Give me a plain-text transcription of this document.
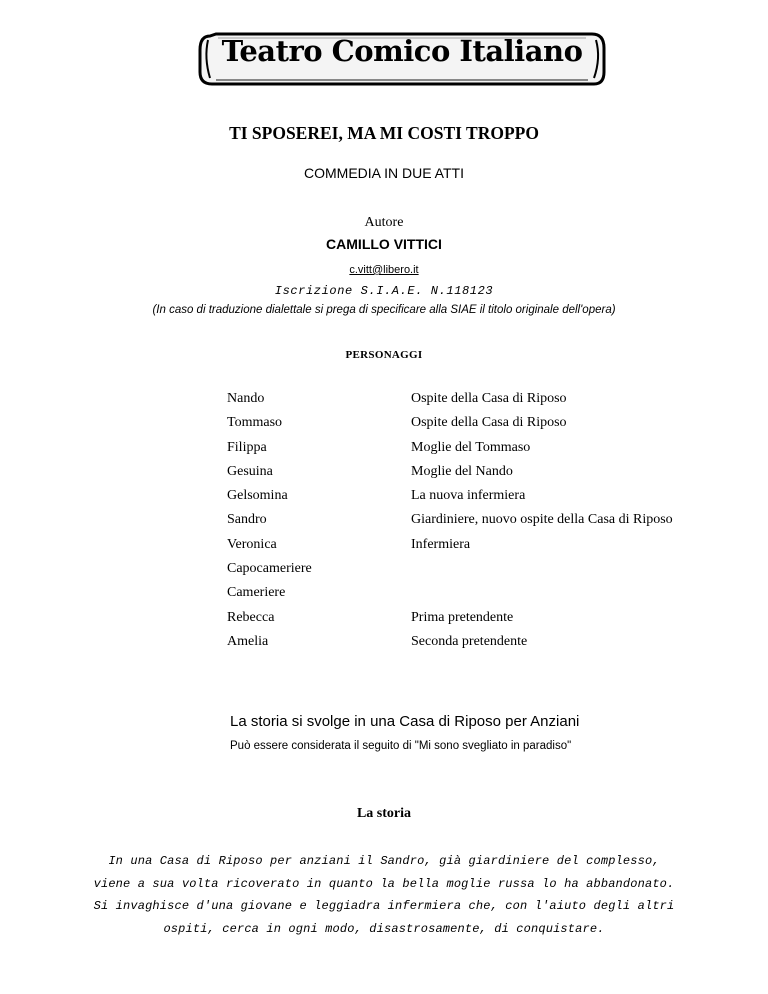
Teatro Comico Italiano
TI SPOSEREI, MA MI COSTI TROPPO
COMMEDIA IN DUE ATTI
Autore
CAMILLO VITTICI
c.vitt@libero.it
Iscrizione S.I.A.E. N.118123
(In caso di traduzione dialettale si prega di specificare alla SIAE il titolo originale dell'opera)
PERSONAGGI
Nando	Ospite della Casa di Riposo
Tommaso	Ospite della Casa di Riposo
Filippa	Moglie del Tommaso
Gesuina	Moglie del Nando
Gelsomina	La nuova infermiera
Sandro	Giardiniere, nuovo ospite della Casa di Riposo
Veronica	Infermiera
Capocameriere
Cameriere
Rebecca	Prima pretendente
Amelia	Seconda pretendente
La storia si svolge in una Casa di Riposo per Anziani
Può essere considerata il seguito di "Mi sono svegliato in paradiso"
La storia
In una Casa di Riposo per anziani il Sandro, già giardiniere del complesso,
viene a sua volta ricoverato in quanto la bella moglie russa lo ha abbandonato.
Si invaghisce d'una giovane e leggiadra infermiera che, con l'aiuto degli altri
ospiti, cerca in ogni modo, disastrosamente, di conquistare.
